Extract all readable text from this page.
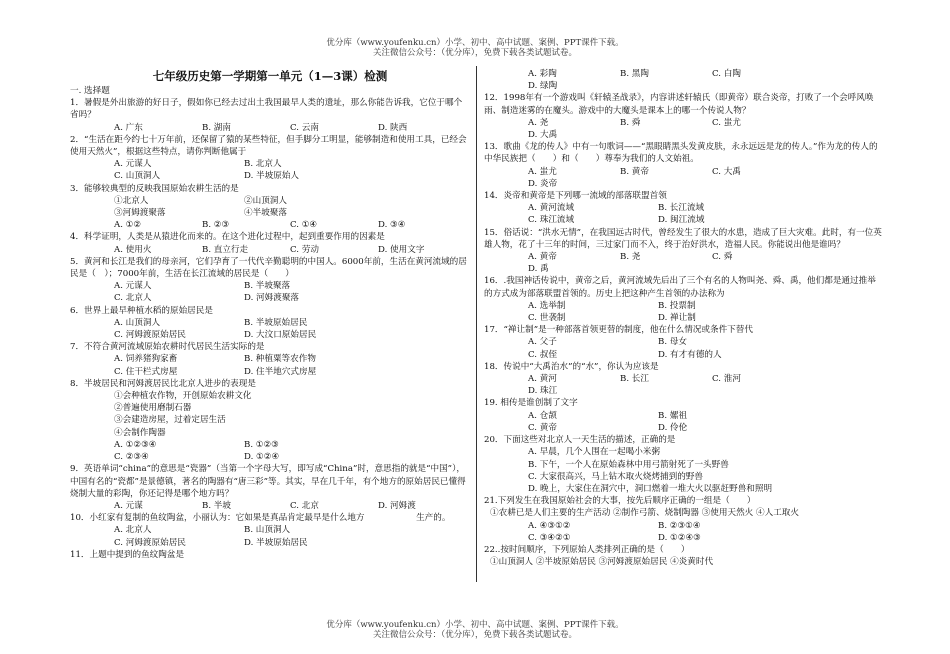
优分库（www.youfenku.cn）小学、初中、高中试题、案例、PPT课件下载。
关注微信公众号：（优分库），免费下载各类试题试卷。
七年级历史第一学期第一单元（1—3课）检测
一. 选择题

1．暑假是外出旅游的好日子，假如你已经去过出土我国最早人类的遗址，那么你能告诉我，它位于哪个省吗？

A. 广东	B. 湖南	C. 云南	D. 陕西

2．“生活在距今约七十万年前，还保留了猿的某些特征，但手脚分工明显，能够制造和使用工具，已经会使用天然火”，根据这些特点，请你判断他属于

A. 元谋人	B. 北京人
C. 山顶洞人	D. 半坡原始人

3．能够较典型的反映我国原始农耕生活的是

①北京人	②山顶洞人
③河姆渡聚落	④半坡聚落
A. ①②	B. ②③	C. ①④	D. ③④

4．科学证明，人类是从猿进化而来的。在这个进化过程中，起到重要作用的因素是

A. 使用火	B. 直立行走	C. 劳动	D. 使用文字

5．黄河和长江是我们的母亲河，它们孕育了一代代辛勤聪明的中国人。6000年前，生活在黄河流域的居民是（　）；7000年前，生活在长江流域的居民是（　　）

A. 元谋人	B. 半坡聚落
C. 北京人	D. 河姆渡聚落

6．世界上最早种植水稻的原始居民是

A. 山顶洞人	B. 半坡原始居民
C. 河姆渡原始居民	D. 大汶口原始居民

7．不符合黄河流域原始农耕时代居民生活实际的是

A. 饲养猪狗家畜	B. 种植粟等农作物
C. 住干栏式房屋	D. 住半地穴式房屋

8．半坡居民和河姆渡居民比北京人进步的表现是

①会种植农作物，开创原始农耕文化
②普遍使用磨制石器
③会建造房屋，过着定居生活
④会制作陶器
A. ①②③④	B. ①②③
C. ②③④	D. ①②④

9．英语单词“china”的意思是“瓷器”（当第一个字母大写，即写成“China”时，意思指的就是“中国”），中国有名的“瓷都”是景德镇，著名的陶器有“唐三彩”等。其实，早在几千年，有个地方的原始居民已懂得烧制大量的彩陶，你还记得是哪个地方吗？

A. 元谋	B. 半坡	C. 北京	D. 河姆渡

10．小红家有复制的鱼纹陶盆，小丽认为：它如果是真品肯定最早是什么地方　　　　　　生产的。

A. 北京人	B. 山顶洞人
C. 河姆渡原始居民	D. 半坡原始居民

11．上题中提到的鱼纹陶盆是

A. 彩陶	B. 黑陶	C. 白陶
D. 绿陶

12．1998年有一个游戏叫《轩辕圣战录》，内容讲述轩辕氏（即黄帝）联合炎帝，打败了一个会呼风唤雨、制造迷雾的在魔头。游戏中的大魔头是课本上的哪一个传说人物？

A. 尧	B. 舜	C. 蚩尤
D. 大禹

13．歌曲《龙的传人》中有一句歌词——“黑眼睛黑头发黄皮肤，永永远远是龙的传人。”作为龙的传人的中华民族把（　　）和（　　）尊奉为我们的人文始祖。

A. 蚩尤	B. 黄帝	C. 大禹
D. 炎帝

14．炎帝和黄帝是下列哪一流域的部落联盟首领

A. 黄河流域	B. 长江流域
C. 珠江流域	D. 闽江流域

15．俗话说：“洪水无情”，在我国远古时代，曾经发生了很大的水患，造成了巨大灾难。此时，有一位英雄人物，花了十三年的时间，三过家门而不入，终于治好洪水，造福人民。你能说出他是谁吗？

A. 黄帝	B. 尧	C. 舜
D. 禹

16．.我国神话传说中，黄帝之后，黄河流域先后出了三个有名的人物叫尧、舜、禹，他们都是通过推举的方式成为部落联盟首领的。历史上把这种产生首领的办法称为

A. 选举制	B. 投票制
C. 世袭制	D. 禅让制

17．“禅让制”是一种部落首领更替的制度，他在什么情况或条件下替代

A. 父子	B. 母女
C. 叔侄	D. 有才有德的人

18．传说中“大禹治水”的“水”，你认为应该是

A. 黄河	B. 长江	C. 淮河
D. 珠江

19. 相传是谁创制了文字

A. 仓颉	B. 嫘祖
C. 黄帝	D. 伶伦

20．下面这些对北京人一天生活的描述，正确的是

A. 早晨，几个人围在一起喝小米粥
B. 下午，一个人在原始森林中用弓箭射死了一头野兽
C. 大家很高兴，马上钻木取火烧烤捕到的野兽
D. 晚上，大家住在洞穴中，洞口燃着一堆大火以驱赶野兽和照明

21.下列发生在我国原始社会的大事，按先后顺序正确的一组是（　　）

①农耕已是人们主要的生产活动 ②制作弓箭、烧制陶器 ③使用天然火 ④人工取火
A. ④③①②	B. ②③①④
C. ③④②①	D. ①②④③

22..按时间顺序，下列原始人类排列正确的是（　　）

①山顶洞人 ②半坡原始居民 ③河姆渡原始居民 ④炎黄时代
优分库（www.youfenku.cn）小学、初中、高中试题、案例、PPT课件下载。
关注微信公众号：（优分库），免费下载各类试题试卷。
